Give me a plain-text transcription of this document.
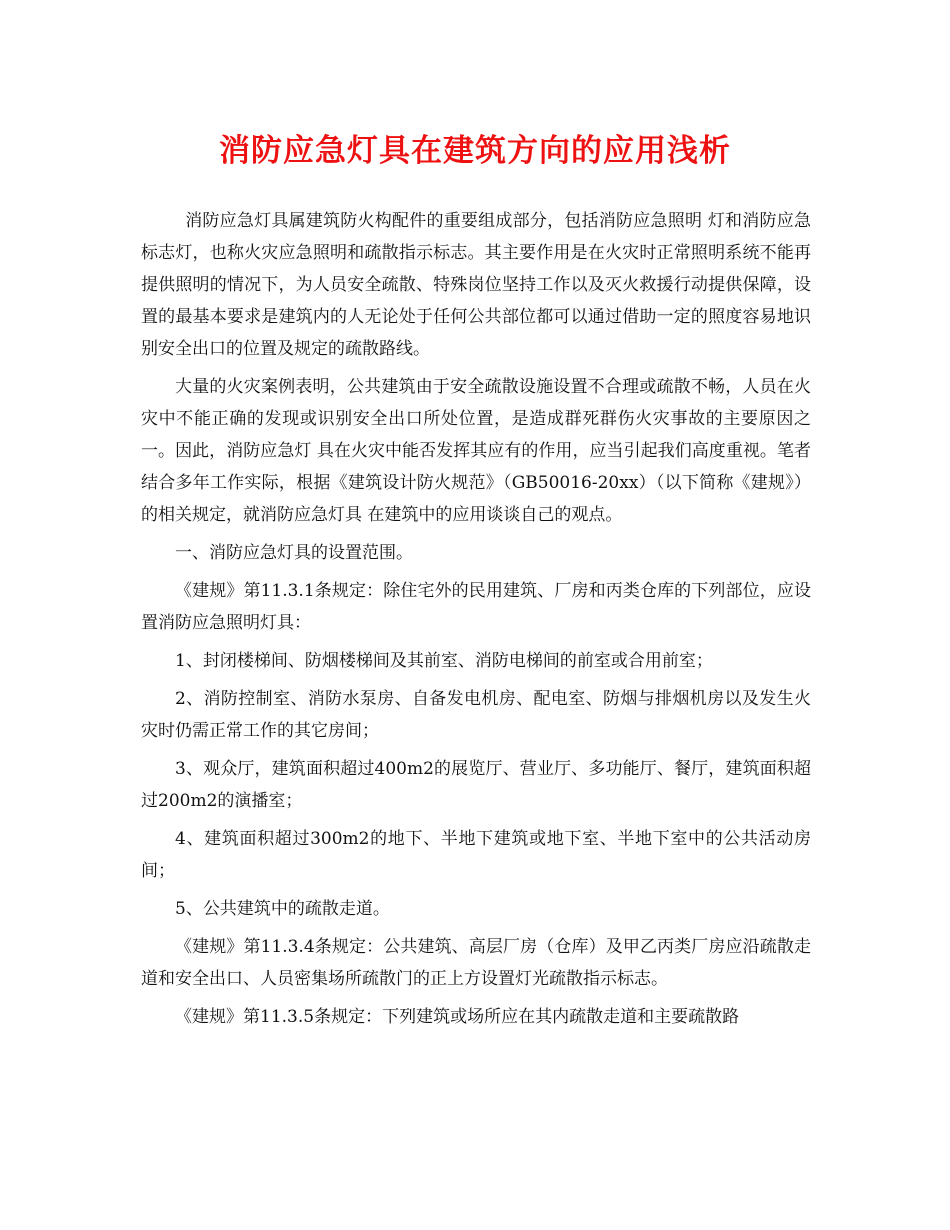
消防应急灯具在建筑方向的应用浅析

消防应急灯具属建筑防火构配件的重要组成部分，包括消防应急照明 灯和消防应急标志灯，也称火灾应急照明和疏散指示标志。其主要作用是在火灾时正常照明系统不能再提供照明的情况下，为人员安全疏散、特殊岗位坚持工作以及灭火救援行动提供保障，设置的最基本要求是建筑内的人无论处于任何公共部位都可以通过借助一定的照度容易地识别安全出口的位置及规定的疏散路线。

大量的火灾案例表明，公共建筑由于安全疏散设施设置不合理或疏散不畅，人员在火灾中不能正确的发现或识别安全出口所处位置，是造成群死群伤火灾事故的主要原因之一。因此，消防应急灯 具在火灾中能否发挥其应有的作用，应当引起我们高度重视。笔者结合多年工作实际，根据《建筑设计防火规范》（GB50016-20xx）（以下简称《建规》）的相关规定，就消防应急灯具 在建筑中的应用谈谈自己的观点。

一、消防应急灯具的设置范围。

《建规》第11.3.1条规定：除住宅外的民用建筑、厂房和丙类仓库的下列部位，应设置消防应急照明灯具：

1、封闭楼梯间、防烟楼梯间及其前室、消防电梯间的前室或合用前室；

2、消防控制室、消防水泵房、自备发电机房、配电室、防烟与排烟机房以及发生火灾时仍需正常工作的其它房间；

3、观众厅，建筑面积超过400m2的展览厅、营业厅、多功能厅、餐厅，建筑面积超过200m2的演播室；

4、建筑面积超过300m2的地下、半地下建筑或地下室、半地下室中的公共活动房间；

5、公共建筑中的疏散走道。

《建规》第11.3.4条规定：公共建筑、高层厂房（仓库）及甲乙丙类厂房应沿疏散走道和安全出口、人员密集场所疏散门的正上方设置灯光疏散指示标志。

《建规》第11.3.5条规定：下列建筑或场所应在其内疏散走道和主要疏散路
